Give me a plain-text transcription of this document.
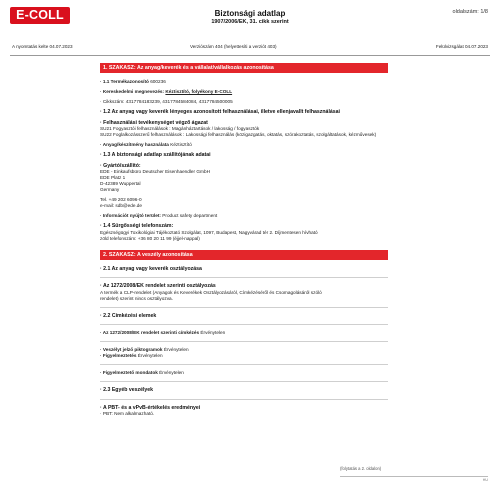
E-COLL	oldalszám: 1/8
Biztonsági adatlap
1907/2006/EK, 31. cikk szerint
A nyomtatás kelte 04.07.2023	Verziószám 404 (helyettesíti a verziót 403)	Felülvizsgálat 04.07.2023
1. SZAKASZ: Az anyag/keverék és a vállalat/vállalkozás azonosítása
· 1.1 Termékazonosító 600236
· Kereskedelmi megnevezés: Kéztisztító, folyékony E-COLL
· Cikkszám: 4317784183239, 4317784584084, 4317784500005
· 1.2 Az anyag vagy keverék lényeges azonosított felhasználásai, illetve ellenjavallt felhasználásai
· Felhasználási tevékenységet végző ágazat
SU21 Fogyasztói felhasználások : Magánháztartások / lakosság / fogyasztók
SU22 Foglalkozásszerű felhasználások : Lakossági felhasználás (közigazgatás, oktatás, szórakoztatás, szolgáltatások, kézművesek)
· Anyag/készítmény használata Kéztisztító
· 1.3 A biztonsági adatlap szállítójának adatai
· Gyártó/szállító:
EDE - Einkaufsbüro Deutscher Eisenhaendler GmbH
EDE Platz 1
D-42389 Wuppertal
Germany
Tel. +49 202 6096-0
e-mail: sdb@ede.de
· Információt nyújtó terület: Product safety department
· 1.4 Sürgősségi telefonszám:
Egészségügyi Toxikológiai Tájékoztató Szolgálat, 1097, Budapest, Nagyvárad tér 2. Díjmentesen hívható
zöld telefonszám: +36 80 20 11 99 (éjjel-nappal)
2. SZAKASZ: A veszély azonosítása
· 2.1 Az anyag vagy keverék osztályozása
· Az 1272/2008/EK rendelet szerinti osztályozás
A termék a CLP-rendelet (Anyagok és Keverékek Osztályozásáról, Címkézéséről és Csomagolásáról szóló
rendelet) szerint nincs osztályozva.
· 2.2 Címkézési elemek
· Az 1272/2008/EK rendelet szerinti címkézés Érvénytelen
· Veszélyt jelző piktogramok Érvénytelen
· Figyelmeztetés Érvénytelen
· Figyelmeztető mondatok Érvénytelen
· 2.3 Egyéb veszélyek
· A PBT- és a vPvB-értékelés eredményei
· PBT: Nem alkalmazható.
(folytatás a 2. oldalon)
HU
